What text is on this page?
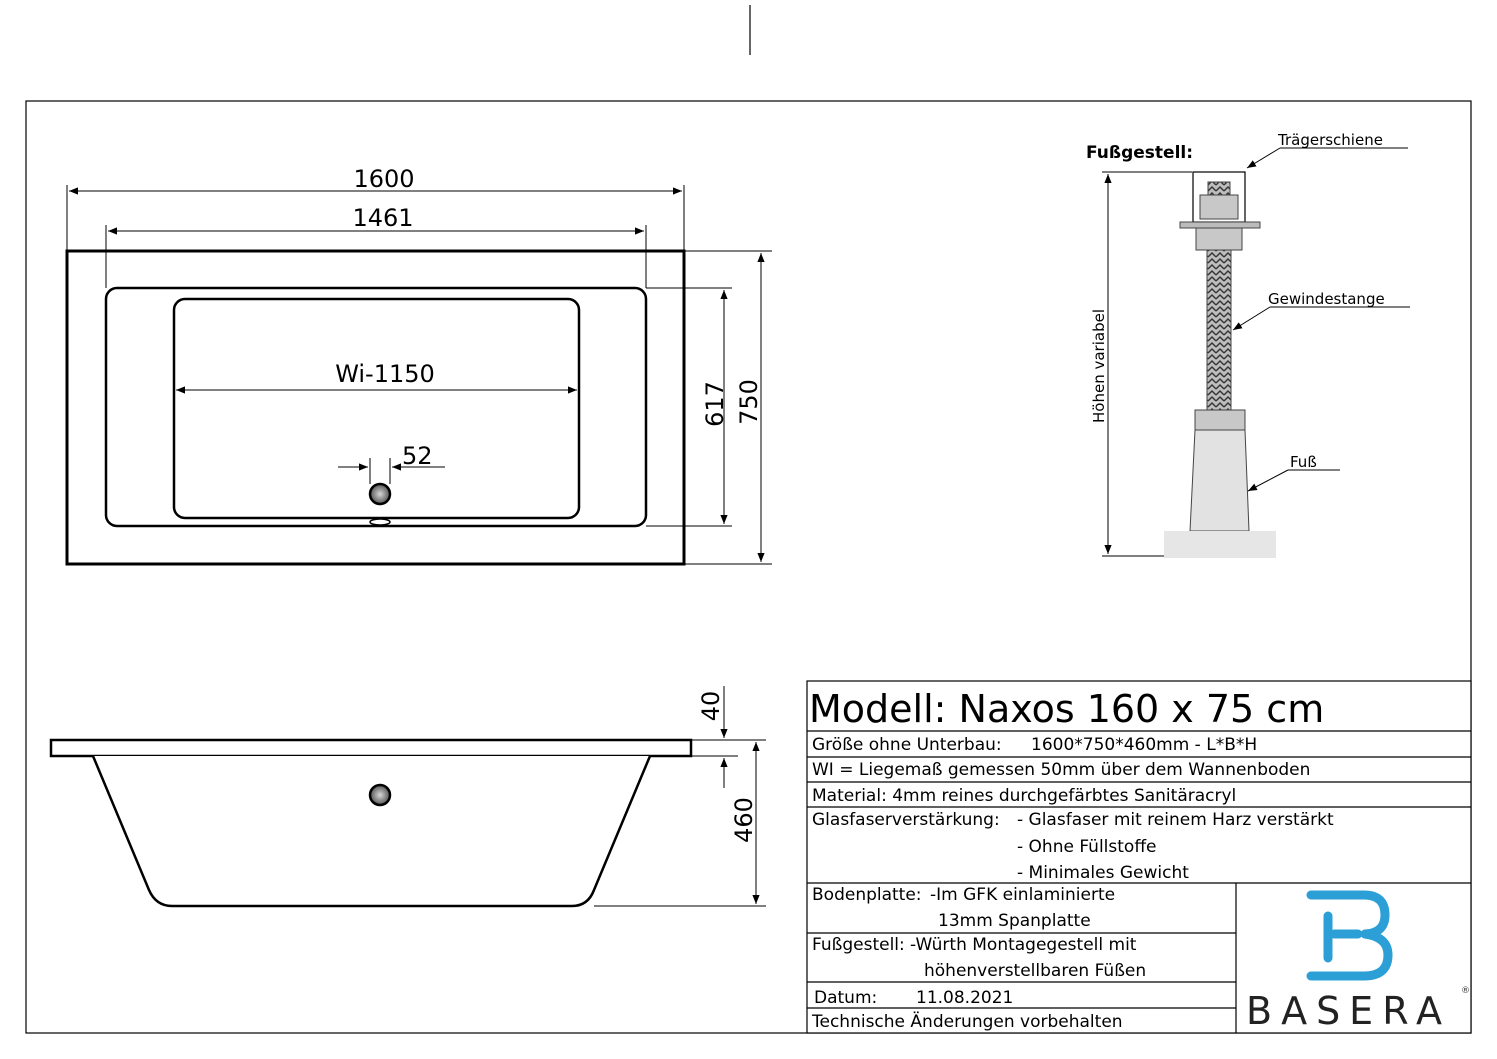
1600
1461
Wi-1150
52
617 750
40
460
Fußgestell:
Höhen variabel
Trägerschiene
Gewindestange
Fuß
Modell: Naxos 160 x 75 cm
Größe ohne Unterbau: 1600*750*460mm - L*B*H
WI = Liegemaß gemessen 50mm über dem Wannenboden
Material: 4mm reines durchgefärbtes Sanitäracryl
Glasfaserverstärkung: - Glasfaser mit reinem Harz verstärkt
- Ohne Füllstoffe
- Minimales Gewicht
Bodenplatte: -Im GFK einlaminierte
13mm Spanplatte
Fußgestell: -Würth Montagegestell mit
höhenverstellbaren Füßen
Datum: 11.08.2021
Technische Änderungen vorbehalten	BASERA ®
